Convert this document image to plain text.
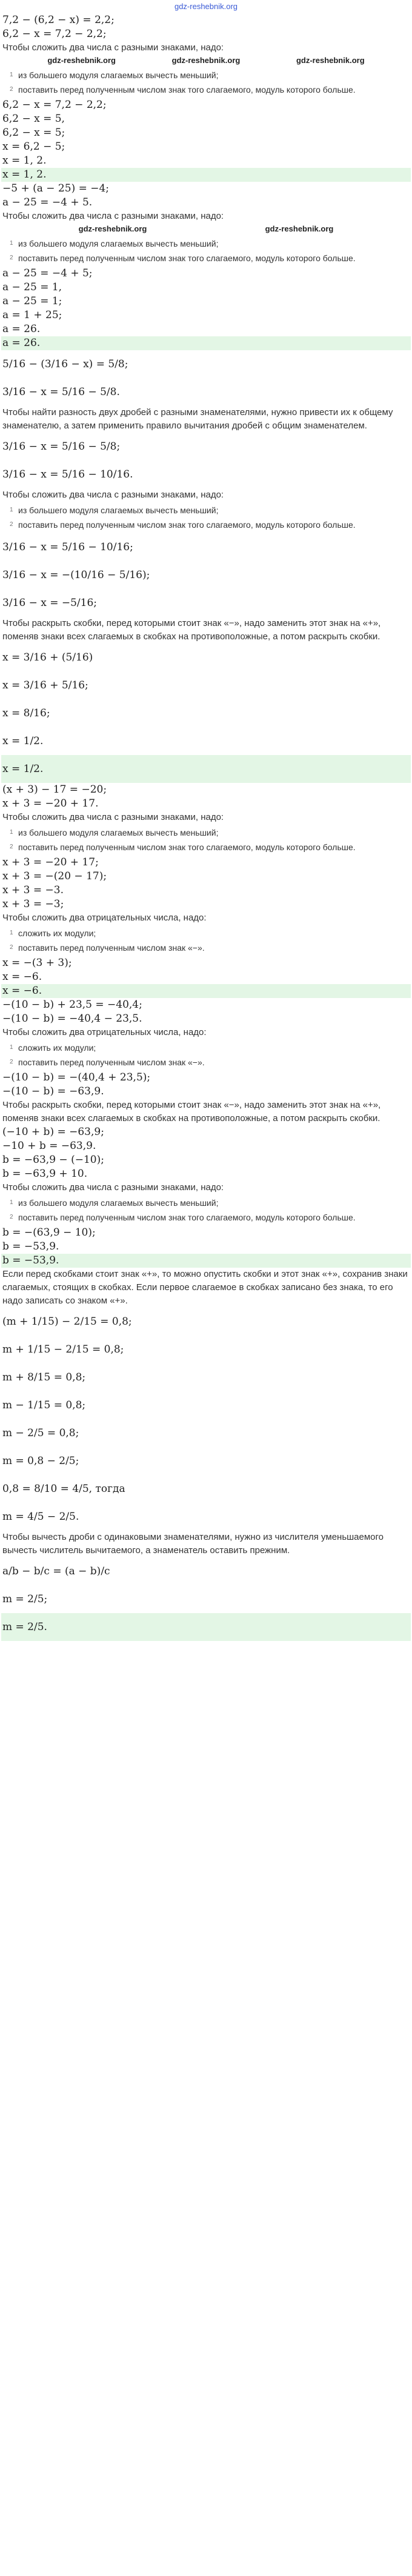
gdz-reshebnik.org
7,2 − (6,2 − x) = 2,2;
6,2 − x = 7,2 − 2,2;
Чтобы сложить два числа с разными знаками, надо:
gdz-reshebnik.org	gdz-reshebnik.org	gdz-reshebnik.org
1 из большего модуля слагаемых вычесть меньший;
2 поставить перед полученным числом знак того слагаемого, модуль которого больше.
6,2 − x = 7,2 − 2,2;
6,2 − x = 5,
6,2 − x = 5;
x = 6,2 − 5;
x = 1, 2.
x = 1, 2.
−5 + (a − 25) = −4;
a − 25 = −4 + 5.
Чтобы сложить два числа с разными знаками, надо:
gdz-reshebnik.org	gdz-reshebnik.org
1 из большего модуля слагаемых вычесть меньший;
2 поставить перед полученным числом знак того слагаемого, модуль которого больше.
a − 25 = −4 + 5;
a − 25 = 1,
a − 25 = 1;
a = 1 + 25;
a = 26.
a = 26.
5/16 − (3/16 − x) = 5/8;
3/16 − x = 5/16 − 5/8.
Чтобы найти разность двух дробей с разными знаменателями, нужно привести их к общему знаменателю, а затем применить правило вычитания дробей с общим знаменателем.
3/16 − x = 5/16 − 5/8;
3/16 − x = 5/16 − 10/16.
Чтобы сложить два числа с разными знаками, надо:
1 из большего модуля слагаемых вычесть меньший;
2 поставить перед полученным числом знак того слагаемого, модуль которого больше.
3/16 − x = 5/16 − 10/16;
3/16 − x = −(10/16 − 5/16);
3/16 − x = −5/16;
Чтобы раскрыть скобки, перед которыми стоит знак «−», надо заменить этот знак на «+», поменяв знаки всех слагаемых в скобках на противоположные, а потом раскрыть скобки.
x = 3/16 + (5/16)
x = 3/16 + 5/16;
x = 8/16;
x = 1/2.
x = 1/2.
(x + 3) − 17 = −20;
x + 3 = −20 + 17.
Чтобы сложить два числа с разными знаками, надо:
1 из большего модуля слагаемых вычесть меньший;
2 поставить перед полученным числом знак того слагаемого, модуль которого больше.
x + 3 = −20 + 17;
x + 3 = −(20 − 17);
x + 3 = −3.
x + 3 = −3;
Чтобы сложить два отрицательных числа, надо:
1 сложить их модули;
2 поставить перед полученным числом знак «−».
x = −(3 + 3);
x = −6.
x = −6.
−(10 − b) + 23,5 = −40,4;
−(10 − b) = −40,4 − 23,5.
Чтобы сложить два отрицательных числа, надо:
1 сложить их модули;
2 поставить перед полученным числом знак «−».
−(10 − b) = −(40,4 + 23,5);
−(10 − b) = −63,9.
Чтобы раскрыть скобки, перед которыми стоит знак «−», надо заменить этот знак на «+», поменяв знаки всех слагаемых в скобках на противоположные, а потом раскрыть скобки.
(−10 + b) = −63,9;
−10 + b = −63,9.
b = −63,9 − (−10);
b = −63,9 + 10.
Чтобы сложить два числа с разными знаками, надо:
1 из большего модуля слагаемых вычесть меньший;
2 поставить перед полученным числом знак того слагаемого, модуль которого больше.
b = −(63,9 − 10);
b = −53,9.
b = −53,9.
Если перед скобками стоит знак «+», то можно опустить скобки и этот знак «+», сохранив знаки слагаемых, стоящих в скобках. Если первое слагаемое в скобках записано без знака, то его надо записать со знаком «+».
(m + 1/15) − 2/15 = 0,8;
m + 1/15 − 2/15 = 0,8;
m + 8/15 = 0,8;
m − 1/15 = 0,8;
m − 2/5 = 0,8;
m = 0,8 − 2/5;
0,8 = 8/10 = 4/5, тогда
m = 4/5 − 2/5.
Чтобы вычесть дроби с одинаковыми знаменателями, нужно из числителя уменьшаемого вычесть числитель вычитаемого, а знаменатель оставить прежним.
a/b − b/c = (a − b)/c
m = 2/5;
m = 2/5.
